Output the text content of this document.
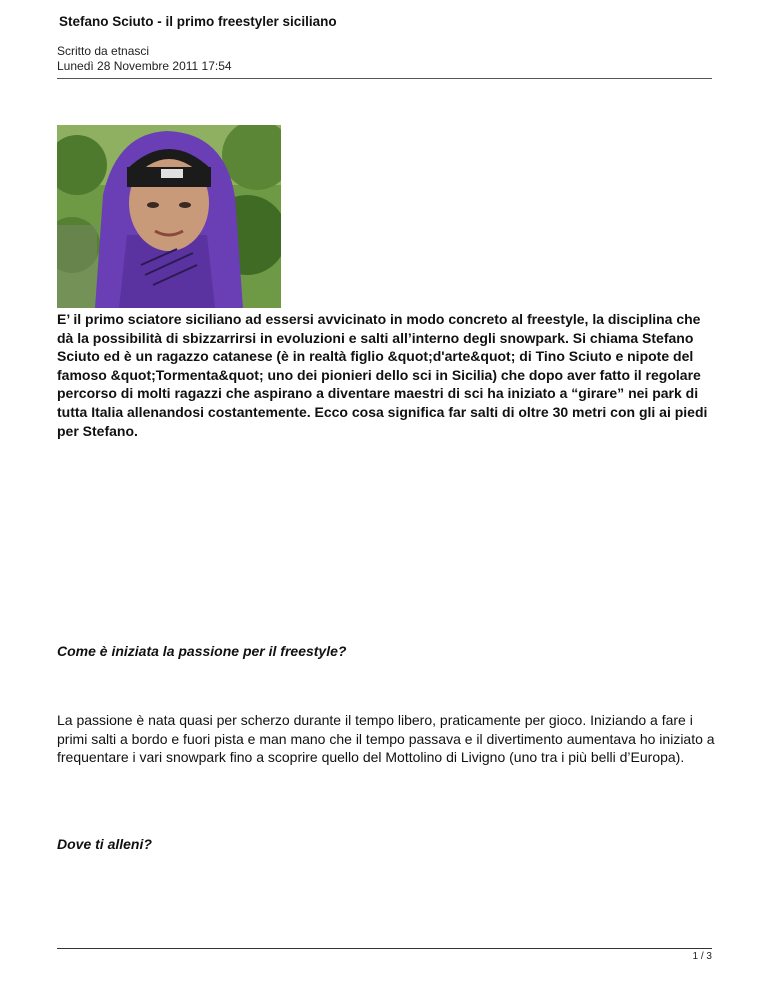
Stefano Sciuto - il primo freestyler siciliano
Scritto da etnasci
Lunedì 28 Novembre 2011 17:54
E’ il primo sciatore siciliano ad essersi avvicinato in modo concreto al freestyle, la disciplina che dà la possibilità di sbizzarrirsi in evoluzioni e salti all’interno degli snowpark. Si chiama Stefano Sciuto ed è un ragazzo catanese (è in realtà figlio &quot;d'arte&quot; di Tino Sciuto e nipote del famoso &quot;Tormenta&quot; uno dei pionieri dello sci in Sicilia) che dopo aver fatto il regolare percorso di molti ragazzi che aspirano a diventare maestri di sci ha iniziato a “girare” nei park di tutta Italia allenandosi costantemente. Ecco cosa significa far salti di oltre 30 metri con gli ai piedi per Stefano.
Come è iniziata la passione per il freestyle?
La passione è nata quasi per scherzo durante il tempo libero, praticamente per gioco. Iniziando a fare i primi salti a bordo e fuori pista e man mano che il tempo passava e il divertimento aumentava ho iniziato a frequentare i vari snowpark fino a scoprire quello del Mottolino di Livigno (uno tra i più belli d’Europa).
Dove ti alleni?
1 / 3
